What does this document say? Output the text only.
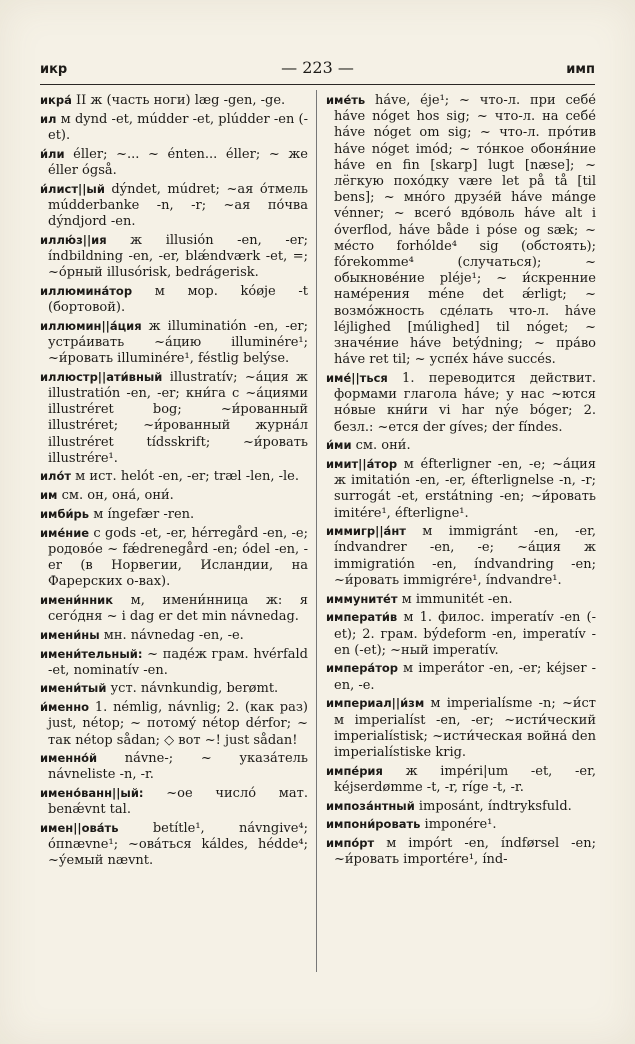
икр	— 223 —	имп

икра́ II ж (часть ноги) læg -gen, -ge.

ил м dynd -et, múdder -et, plúdder -en (-et).

и́ли éller; ~... ~ énten... éller; ~ же éller ógså.

и́лист||ый dýndet, múdret; ~ая о́тмель múdderbanke -n, -r; ~ая по́чва dýndjord -en.

иллю́з||ия ж illusión -en, -er; índbildning -en, -er, blǽndværk -et, =; ~о́рный illusórisk, bedrágerisk.

иллюмина́тор м мор. kóøje -t (бортовой).

иллюмин||а́ция ж illuminatión -en, -er; устра́ивать ~а́цию illuminére¹; ~и́ровать illuminére¹, féstlig belýse.

иллюстр||ати́вный illustratív; ~а́ция ж illustratión -en, -er; кни́га с ~а́циями illustréret bog; ~и́рованный illustréret; ~и́рованный журна́л illustréret tídsskrift; ~и́ровать illustrére¹.

ило́т м ист. helót -en, -er; træl -len, -le.

им см. он, она́, они́.

имби́рь м íngefær -ren.

име́ние с gods -et, -er, hérregård -en, -e; родово́е ~ fǽdrenegård -en; ódel -en, -er (в Норвегии, Исландии, на Фарерских о-вах).

имени́нник м, имени́нница ж: я сего́дня ~ i dag er det min návnedag.

имени́ны мн. návnedag -en, -e.

имени́тельный: ~ паде́ж грам. hvérfald -et, nominatív -en.

имени́тый уст. návnkundig, berømt.

и́менно 1. némlig, návnlig; 2. (как раз) just, nétop; ~ потому́ nétop dérfor; ~ так nétop sådan; ◇ вот ~! just sådan!

именно́й návne-; ~ указа́тель návneliste -n, -r.

имено́ванн||ый: ~ое число́ мат. benǽvnt tal.

имен||ова́ть betítle¹, návngive⁴; óпnævne¹; ~ова́ться káldes, hédde⁴; ~у́емый nævnt.

име́ть háve, éje¹; ~ что-л. при себе́ háve nóget hos sig; ~ что-л. на себе́ háve nóget om sig; ~ что-л. про́тив háve nóget imód; ~ то́нкое обоня́ние háve en fin [skarp] lugt [næse]; ~ лёгкую похо́дку være let på tå [til bens]; ~ мно́го друзе́й háve mánge vénner; ~ всего́ вдо́воль háve alt i óverflod, háve både i póse og sæk; ~ ме́сто forhólde⁴ sig (обстоять); fórekomme⁴ (случаться); ~ обыкнове́ние pléje¹; ~ и́скренние наме́рения méne det ǽrligt; ~ возмо́жность сде́лать что-л. háve léjlighed [múlighed] til nóget; ~ значе́ние háve betýdning; ~ пра́во háve ret til; ~ успе́х háve succés.

име́||ться 1. переводится действит. формами глагола háve; у нас ~ются но́вые кни́ги vi har nýe bóger; 2. безл.: ~ется der gíves; der fíndes.

и́ми см. они́.

имит||а́тор м éfterligner -en, -e; ~а́ция ж imitatión -en, -er, éfterlignelse -n, -r; surrogát -et, erstátning -en; ~и́ровать imitére¹, éfterligne¹.

иммигр||а́нт м immigránt -en, -er, índvandrer -en, -e; ~а́ция ж immigratión -en, índvandring -en; ~и́ровать immigrére¹, índvandre¹.

иммуните́т м immunitét -en.

императи́в м 1. филос. imperatív -en (-et); 2. грам. býdeform -en, imperatív -en (-et); ~ный imperatív.

импера́тор м imperátor -en, -er; kéjser -en, -e.

империал||и́зм м imperialísme -n; ~и́ст м imperialíst -en, -er; ~исти́ческий imperialístisk; ~исти́ческая война́ den imperialístiske krig.

импе́рия ж impéri|um -et, -er, kéjserdømme -t, -r, ríge -t, -r.

импоза́нтный imposánt, índtryksfuld.

импони́ровать imponére¹.

импо́рт м impórt -en, índførsel -en; ~и́ровать importére¹, índ-
